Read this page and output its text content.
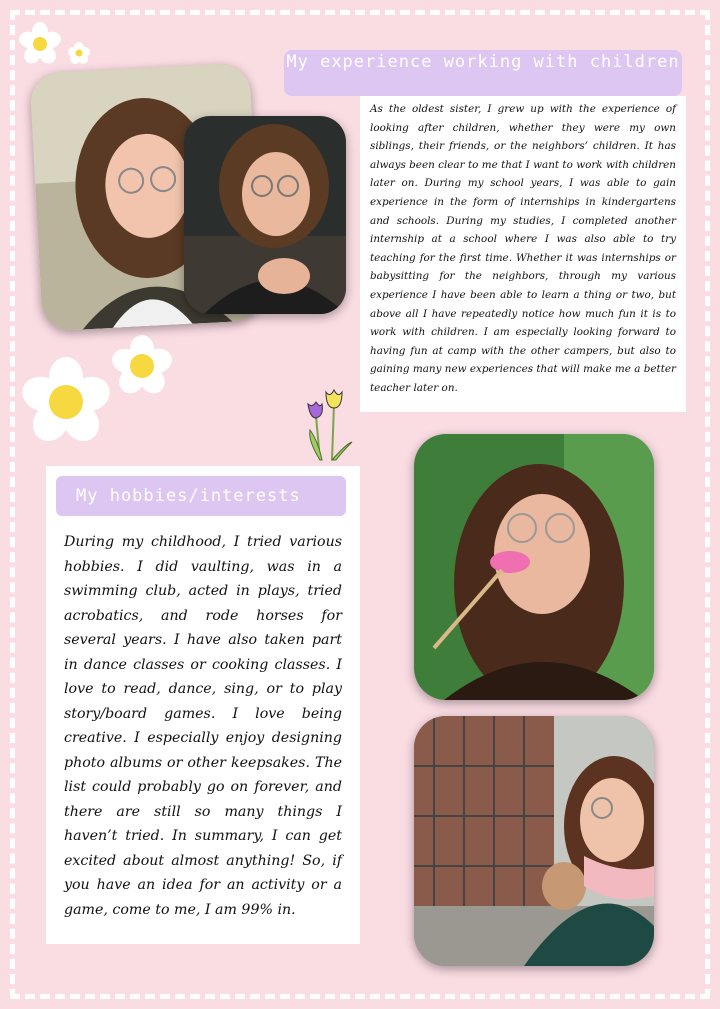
My experience working with children

As the oldest sister, I grew up with the experience of looking after children, whether they were my own siblings, their friends, or the neighbors’ children. It has always been clear to me that I want to work with children later on. During my school years, I was able to gain experience in the form of internships in kindergartens and schools. During my studies, I completed another internship at a school where I was also able to try teaching for the first time. Whether it was internships or babysitting for the neighbors, through my various experience I have been able to learn a thing or two, but above all I have repeatedly notice how much fun it is to work with children. I am especially looking forward to having fun at camp with the other campers, but also to gaining many new experiences that will make me a better teacher later on.

During my childhood, I tried various hobbies. I did vaulting, was in a swimming club, acted in plays, tried acrobatics, and rode horses for several years. I have also taken part in dance classes or cooking classes. I love to read, dance, sing, or to play story/board games. I love being creative. I especially enjoy designing photo albums or other keepsakes. The list could probably go on forever, and there are still so many things I haven’t tried. In summary, I can get excited about almost anything! So, if you have an idea for an activity or a game, come to me, I am 99% in.

My hobbies/interests
